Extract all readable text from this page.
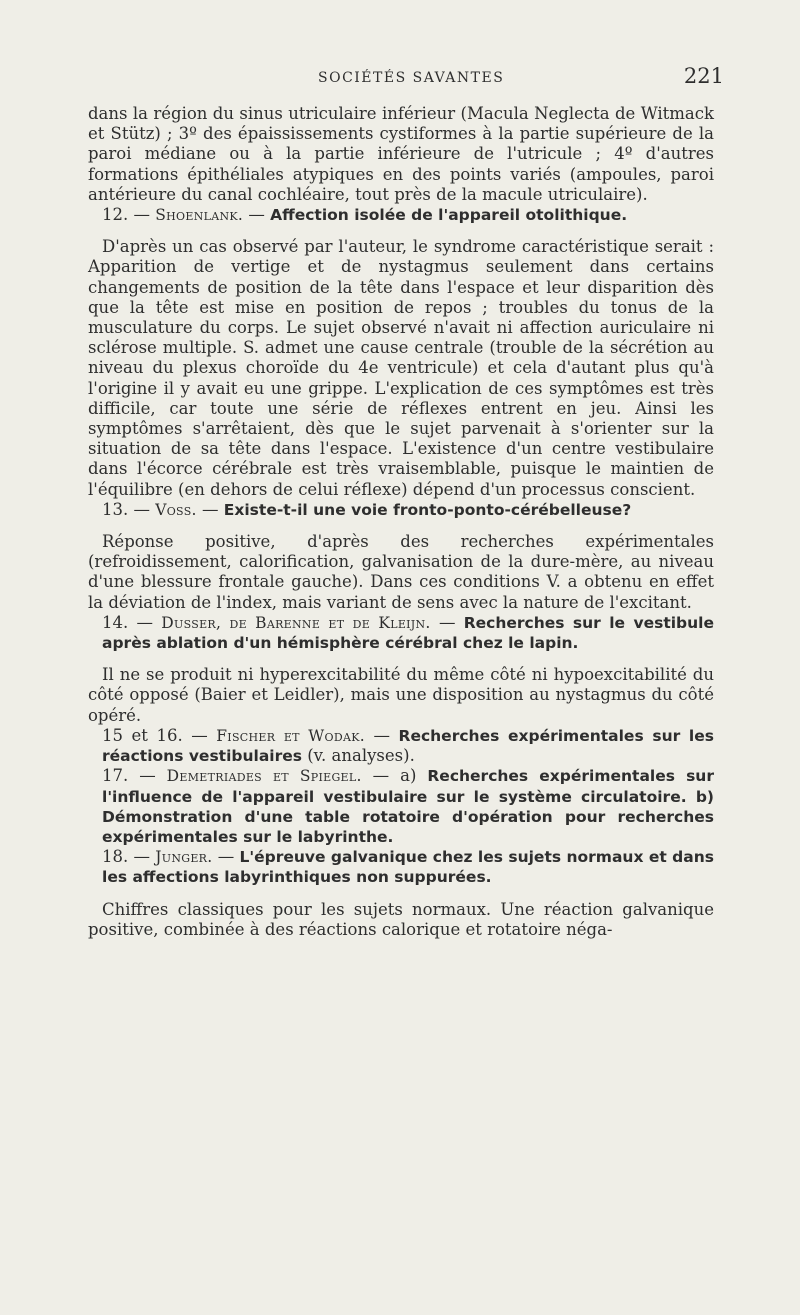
SOCIÉTÉS SAVANTES	221

dans la région du sinus utriculaire inférieur (Macula Neglecta de Witmack et Stütz) ; 3º des épaississements cystiformes à la partie supérieure de la paroi médiane ou à la partie inférieure de l'utricule ; 4º d'autres formations épithéliales atypiques en des points variés (ampoules, paroi antérieure du canal cochléaire, tout près de la macule utriculaire).

12. — Shoenlank. — Affection isolée de l'appareil otolithique.

D'après un cas observé par l'auteur, le syndrome caractéristique serait : Apparition de vertige et de nystagmus seulement dans certains changements de position de la tête dans l'espace et leur disparition dès que la tête est mise en position de repos ; troubles du tonus de la musculature du corps. Le sujet observé n'avait ni affection auriculaire ni sclérose multiple. S. admet une cause centrale (trouble de la sécrétion au niveau du plexus choroïde du 4e ventricule) et cela d'autant plus qu'à l'origine il y avait eu une grippe. L'explication de ces symptômes est très difficile, car toute une série de réflexes entrent en jeu. Ainsi les symptômes s'arrêtaient, dès que le sujet parvenait à s'orienter sur la situation de sa tête dans l'espace. L'existence d'un centre vestibulaire dans l'écorce cérébrale est très vraisemblable, puisque le maintien de l'équilibre (en dehors de celui réflexe) dépend d'un processus conscient.

13. — Voss. — Existe-t-il une voie fronto-ponto-cérébelleuse?

Réponse positive, d'après des recherches expérimentales (refroidissement, calorification, galvanisation de la dure-mère, au niveau d'une blessure frontale gauche). Dans ces conditions V. a obtenu en effet la déviation de l'index, mais variant de sens avec la nature de l'excitant.

14. — Dusser, de Barenne et de Kleijn. — Recherches sur le vestibule après ablation d'un hémisphère cérébral chez le lapin.

Il ne se produit ni hyperexcitabilité du même côté ni hypoexcitabilité du côté opposé (Baier et Leidler), mais une disposition au nystagmus du côté opéré.

15 et 16. — Fischer et Wodak. — Recherches expérimentales sur les réactions vestibulaires (v. analyses).

17. — Demetriades et Spiegel. — a) Recherches expérimentales sur l'influence de l'appareil vestibulaire sur le système circulatoire. b) Démonstration d'une table rotatoire d'opération pour recherches expérimentales sur le labyrinthe.

18. — Junger. — L'épreuve galvanique chez les sujets normaux et dans les affections labyrinthiques non suppurées.

Chiffres classiques pour les sujets normaux. Une réaction galvanique positive, combinée à des réactions calorique et rotatoire néga-
